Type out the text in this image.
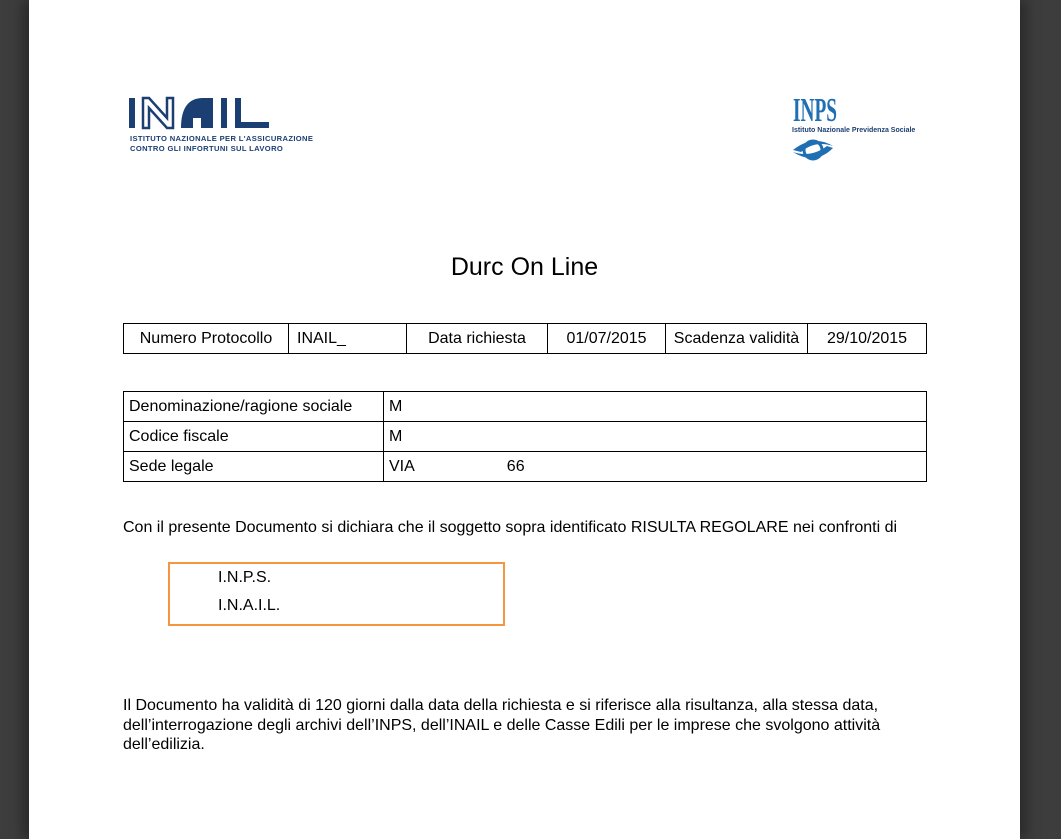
ISTITUTO NAZIONALE PER L'ASSICURAZIONE
CONTRO GLI INFORTUNI SUL LAVORO
INPS
Istituto Nazionale Previdenza Sociale
Durc On Line
Numero Protocollo	INAIL_	Data richiesta	01/07/2015	Scadenza validità	29/10/2015
Denominazione/ragione sociale	M
Codice fiscale	M
Sede legale	VIA 66
Con il presente Documento si dichiara che il soggetto sopra identificato RISULTA REGOLARE nei confronti di
I.N.P.S.
I.N.A.I.L.
Il Documento ha validità di 120 giorni dalla data della richiesta e si riferisce alla risultanza, alla stessa data, dell’interrogazione degli archivi dell’INPS, dell’INAIL e delle Casse Edili per le imprese che svolgono attività dell’edilizia.
